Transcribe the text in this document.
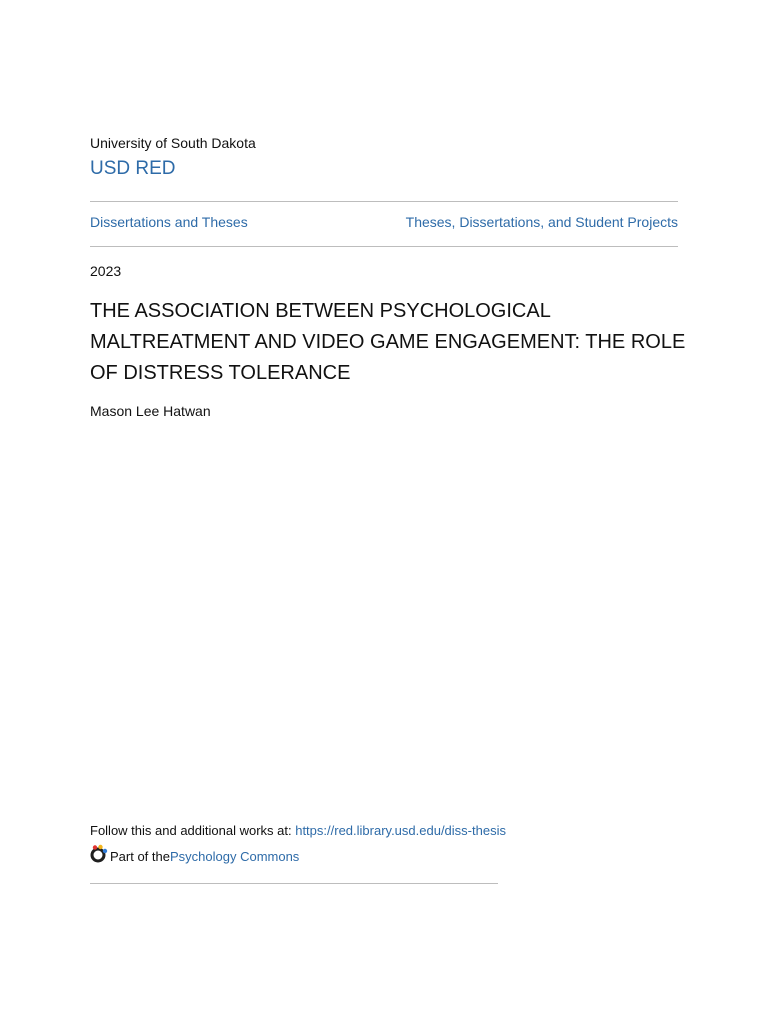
University of South Dakota
USD RED
Dissertations and Theses	Theses, Dissertations, and Student Projects
2023
THE ASSOCIATION BETWEEN PSYCHOLOGICAL MALTREATMENT AND VIDEO GAME ENGAGEMENT: THE ROLE OF DISTRESS TOLERANCE
Mason Lee Hatwan
Follow this and additional works at: https://red.library.usd.edu/diss-thesis
Part of the Psychology Commons
